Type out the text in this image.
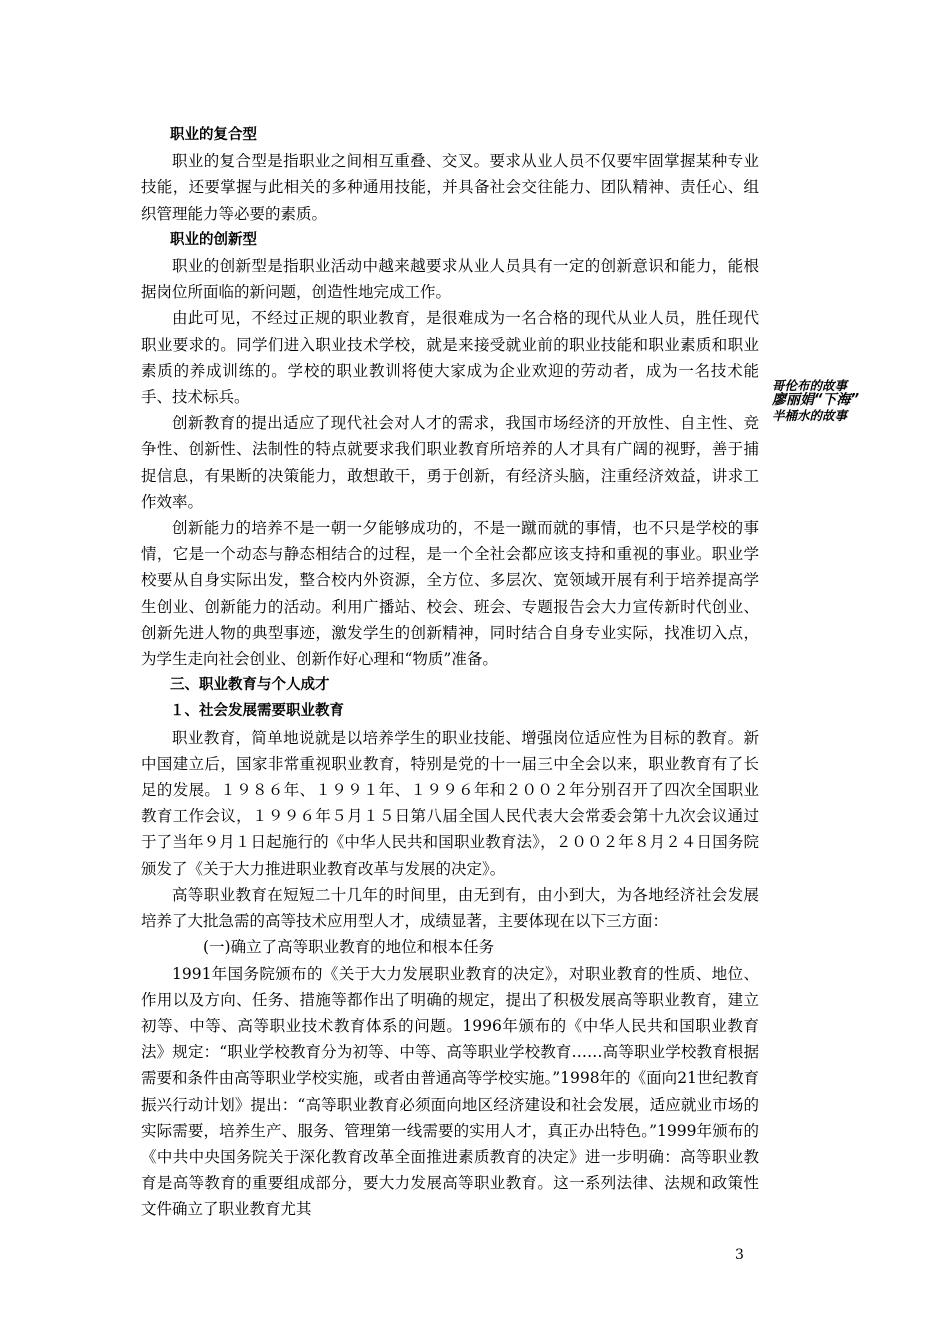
职业的复合型

职业的复合型是指职业之间相互重叠、交叉。要求从业人员不仅要牢固掌握某种专业技能，还要掌握与此相关的多种通用技能，并具备社会交往能力、团队精神、责任心、组织管理能力等必要的素质。

职业的创新型

职业的创新型是指职业活动中越来越要求从业人员具有一定的创新意识和能力，能根据岗位所面临的新问题，创造性地完成工作。

由此可见，不经过正规的职业教育，是很难成为一名合格的现代从业人员，胜任现代职业要求的。同学们进入职业技术学校，就是来接受就业前的职业技能和职业素质和职业素质的养成训练的。学校的职业教训将使大家成为企业欢迎的劳动者，成为一名技术能手、技术标兵。

创新教育的提出适应了现代社会对人才的需求，我国市场经济的开放性、自主性、竞争性、创新性、法制性的特点就要求我们职业教育所培养的人才具有广阔的视野，善于捕捉信息，有果断的决策能力，敢想敢干，勇于创新，有经济头脑，注重经济效益，讲求工作效率。

创新能力的培养不是一朝一夕能够成功的，不是一蹴而就的事情，也不只是学校的事情，它是一个动态与静态相结合的过程，是一个全社会都应该支持和重视的事业。职业学校要从自身实际出发，整合校内外资源，全方位、多层次、宽领域开展有利于培养提高学生创业、创新能力的活动。利用广播站、校会、班会、专题报告会大力宣传新时代创业、创新先进人物的典型事迹，激发学生的创新精神，同时结合自身专业实际，找准切入点，为学生走向社会创业、创新作好心理和“物质”准备。

三、职业教育与个人成才

１、社会发展需要职业教育

职业教育，简单地说就是以培养学生的职业技能、增强岗位适应性为目标的教育。新中国建立后，国家非常重视职业教育，特别是党的十一届三中全会以来，职业教育有了长足的发展。１９８６年、１９９１年、１９９６年和２００２年分别召开了四次全国职业教育工作会议，１９９６年５月１５日第八届全国人民代表大会常委会第十九次会议通过于了当年９月１日起施行的《中华人民共和国职业教育法》，２００２年８月２４日国务院颁发了《关于大力推进职业教育改革与发展的决定》。

高等职业教育在短短二十几年的时间里，由无到有，由小到大，为各地经济社会发展培养了大批急需的高等技术应用型人才，成绩显著，主要体现在以下三方面：

(一)确立了高等职业教育的地位和根本任务

1991年国务院颁布的《关于大力发展职业教育的决定》，对职业教育的性质、地位、作用以及方向、任务、措施等都作出了明确的规定，提出了积极发展高等职业教育，建立初等、中等、高等职业技术教育体系的问题。1996年颁布的《中华人民共和国职业教育法》规定：“职业学校教育分为初等、中等、高等职业学校教育……高等职业学校教育根据需要和条件由高等职业学校实施，或者由普通高等学校实施。”1998年的《面向21世纪教育振兴行动计划》提出：“高等职业教育必须面向地区经济建设和社会发展，适应就业市场的实际需要，培养生产、服务、管理第一线需要的实用人才，真正办出特色。”1999年颁布的《中共中央国务院关于深化教育改革全面推进素质教育的决定》进一步明确：高等职业教育是高等教育的重要组成部分，要大力发展高等职业教育。这一系列法律、法规和政策性文件确立了职业教育尤其

哥伦布的故事
廖丽娟“下海”
半桶水的故事
3
